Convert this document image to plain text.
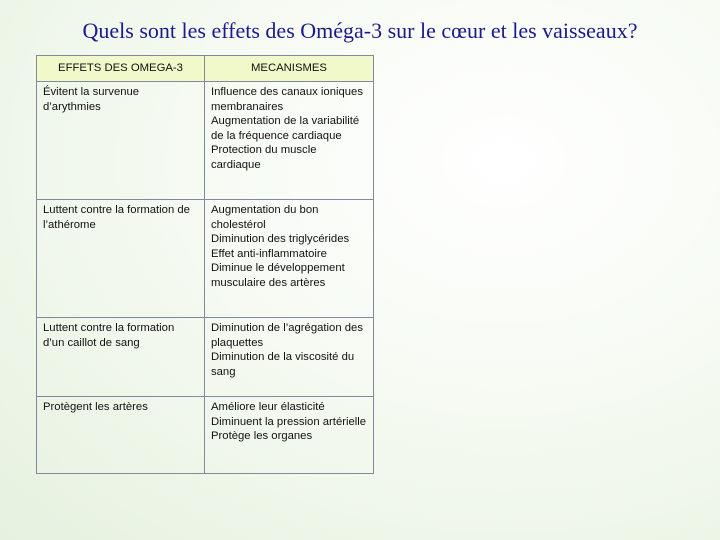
Quels sont les effets des Oméga-3 sur le cœur et les vaisseaux?
EFFETS DES OMEGA-3	MECANISMES
Évitent la survenue d’arythmies	Influence des canaux ioniques membranaires
Augmentation de la variabilité de la fréquence cardiaque
Protection du muscle cardiaque

Luttent contre la formation de l’athérome	Augmentation du bon cholestérol
Diminution des triglycérides
Effet anti-inflammatoire
Diminue le développement musculaire des artères

Luttent contre la formation d’un caillot de sang	Diminution de l’agrégation des plaquettes
Diminution de la viscosité du sang

Protègent les artères	Améliore leur élasticité
Diminuent la pression artérielle
Protège les organes
